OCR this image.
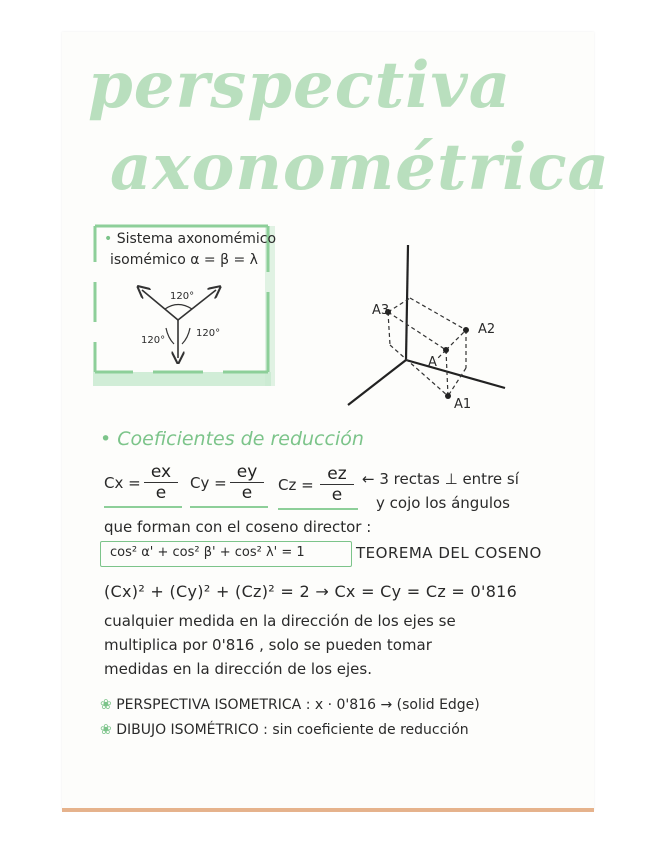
perspectiva
axonométrica
• Sistema axonomémico
isomémico α = β = λ
120°
120°
120°
A3
A2
A
A1
• Coeficientes de reducción
$Cx = \frac{ex}{e}$ $Cy = \frac{ey}{e}$ $Cz = \frac{ez}{e}$ ← 3 rectas ⊥ entre sí
y cojo los ángulos
que forman con el coseno director :
cos² α' + cos² β' + cos² λ' = 1	TEOREMA DEL COSENO
(Cx)² + (Cy)² + (Cz)² = 2 → Cx = Cy = Cz = 0'816
cualquier medida en la dirección de los ejes se
multiplica por 0'816 , solo se pueden tomar
medidas en la dirección de los ejes.
❀ PERSPECTIVA ISOMETRICA : x · 0'816 → (solid Edge)
❀ DIBUJO ISOMÉTRICO : sin coeficiente de reducción
